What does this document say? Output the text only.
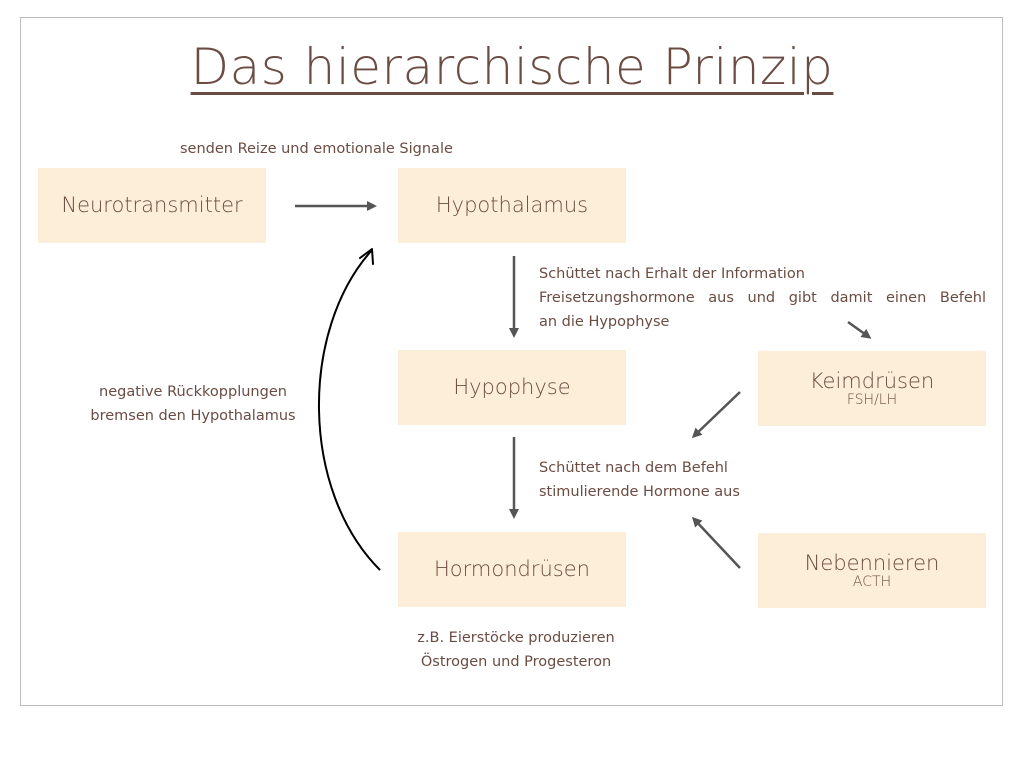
Das hierarchische Prinzip
senden Reize und emotionale Signale
Neurotransmitter	Hypothalamus
Hypophyse
Hormondrüsen
Keimdrüsen
FSH/LH
Nebennieren
ACTH
Schüttet nach Erhalt der Information
Freisetzungshormone aus und gibt damit einen Befehl
an die Hypophyse
Schüttet nach dem Befehl
stimulierende Hormone aus
negative Rückkopplungen
bremsen den Hypothalamus
z.B. Eierstöcke produzieren
Östrogen und Progesteron
